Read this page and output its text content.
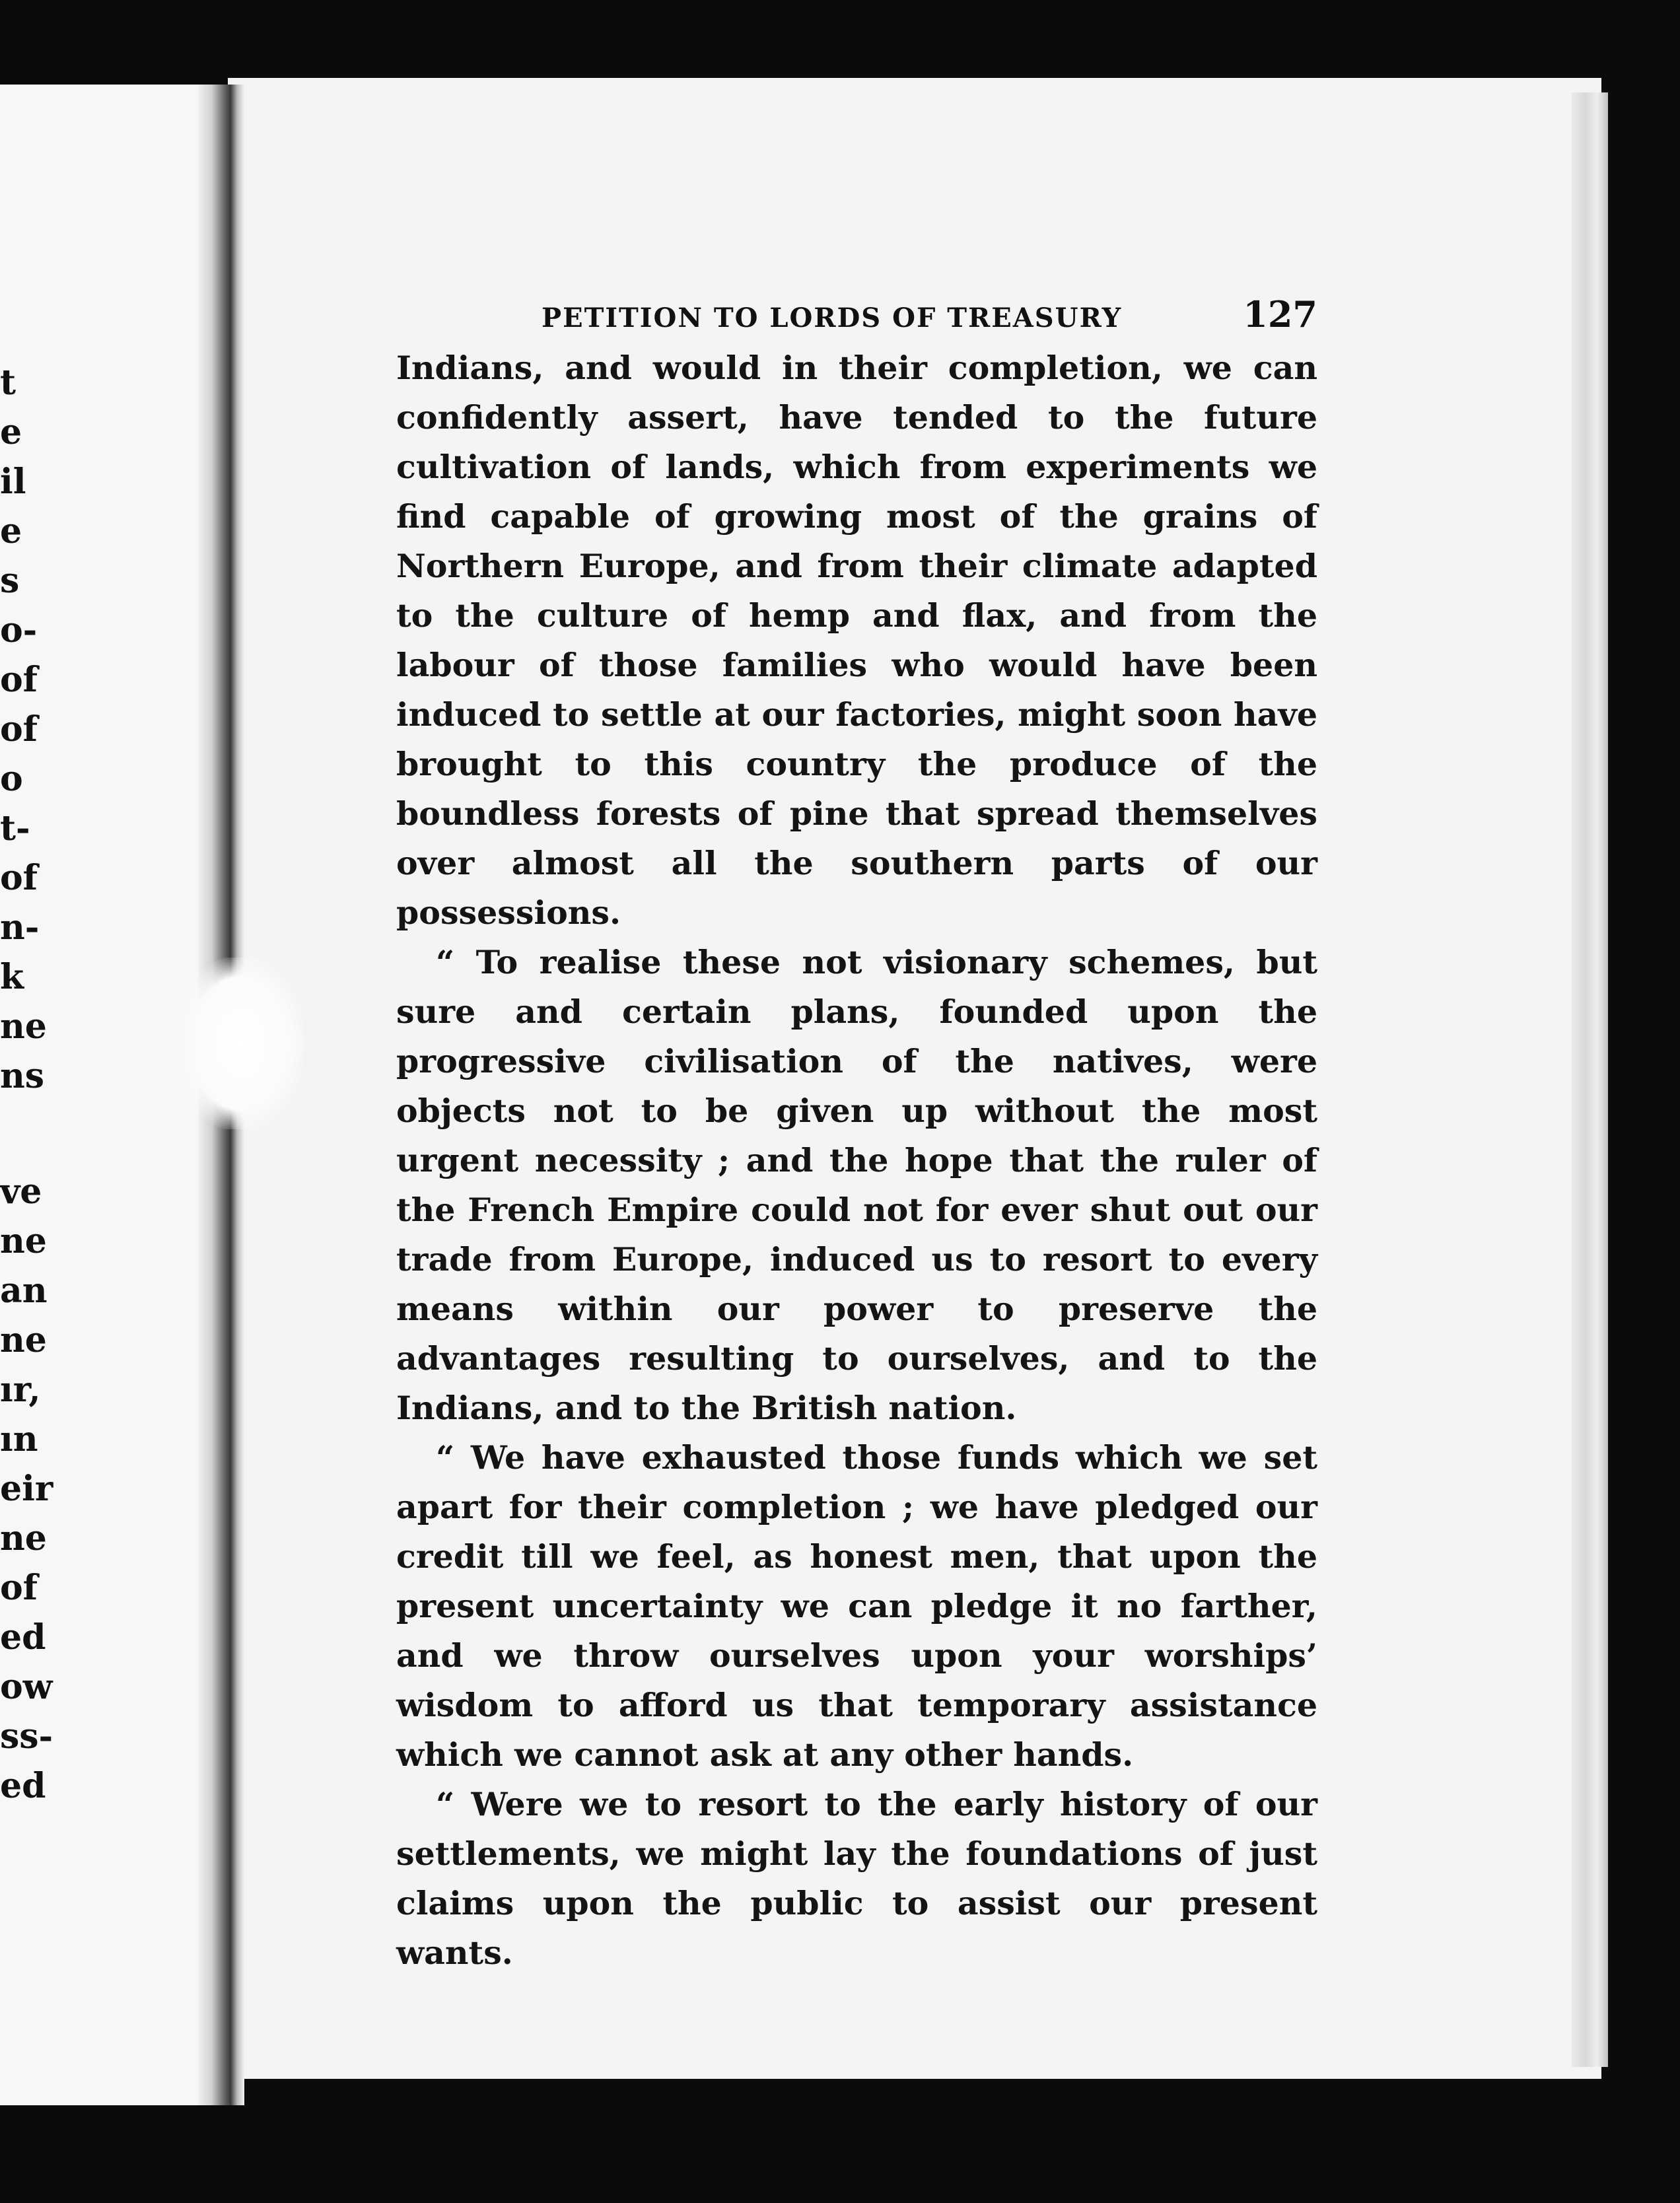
t
e
il
e
s
o-
of
of
o
t-
of
n-
k
ne
ns
ve
ne
an
ne
ır,
ın
eir
ne
of
ed
ow
ss-
ed
PETITION TO LORDS OF TREASURY	127

Indians, and would in their completion, we can confidently assert, have tended to the future cultivation of lands, which from experiments we find capable of growing most of the grains of Northern Europe, and from their climate adapted to the culture of hemp and flax, and from the labour of those families who would have been induced to settle at our factories, might soon have brought to this country the produce of the boundless forests of pine that spread themselves over almost all the southern parts of our possessions.

“ To realise these not visionary schemes, but sure and certain plans, founded upon the progressive civilisation of the natives, were objects not to be given up without the most urgent necessity ; and the hope that the ruler of the French Empire could not for ever shut out our trade from Europe, induced us to resort to every means within our power to preserve the advantages resulting to ourselves, and to the Indians, and to the British nation.

“ We have exhausted those funds which we set apart for their completion ; we have pledged our credit till we feel, as honest men, that upon the present uncertainty we can pledge it no farther, and we throw ourselves upon your worships’ wisdom to afford us that temporary assistance which we cannot ask at any other hands.

“ Were we to resort to the early history of our settlements, we might lay the foundations of just claims upon the public to assist our present wants.
